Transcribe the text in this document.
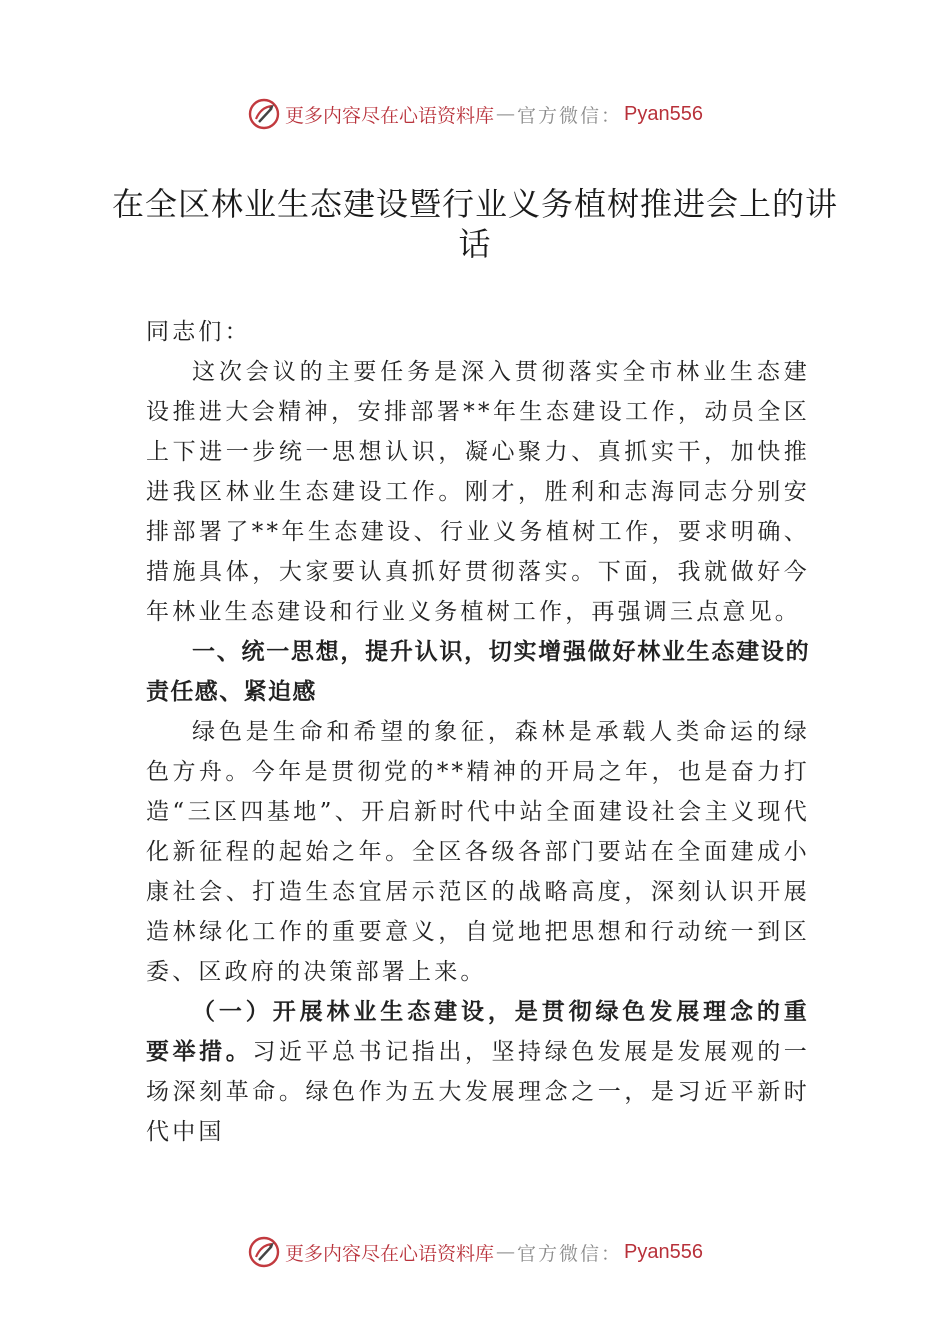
更多内容尽在心语资料库 — 官方微信： Pyan556
在全区林业生态建设暨行业义务植树推进会上的讲话

同志们：

这次会议的主要任务是深入贯彻落实全市林业生态建设推进大会精神，安排部署**年生态建设工作，动员全区上下进一步统一思想认识，凝心聚力、真抓实干，加快推进我区林业生态建设工作。刚才，胜利和志海同志分别安排部署了**年生态建设、行业义务植树工作，要求明确、措施具体，大家要认真抓好贯彻落实。下面，我就做好今年林业生态建设和行业义务植树工作，再强调三点意见。

一、统一思想，提升认识，切实增强做好林业生态建设的责任感、紧迫感

绿色是生命和希望的象征，森林是承载人类命运的绿色方舟。今年是贯彻党的**精神的开局之年，也是奋力打造“三区四基地”、开启新时代中站全面建设社会主义现代化新征程的起始之年。全区各级各部门要站在全面建成小康社会、打造生态宜居示范区的战略高度，深刻认识开展造林绿化工作的重要意义，自觉地把思想和行动统一到区委、区政府的决策部署上来。

（一）开展林业生态建设，是贯彻绿色发展理念的重要举措。习近平总书记指出，坚持绿色发展是发展观的一场深刻革命。绿色作为五大发展理念之一，是习近平新时代中国

更多内容尽在心语资料库 — 官方微信： Pyan556
